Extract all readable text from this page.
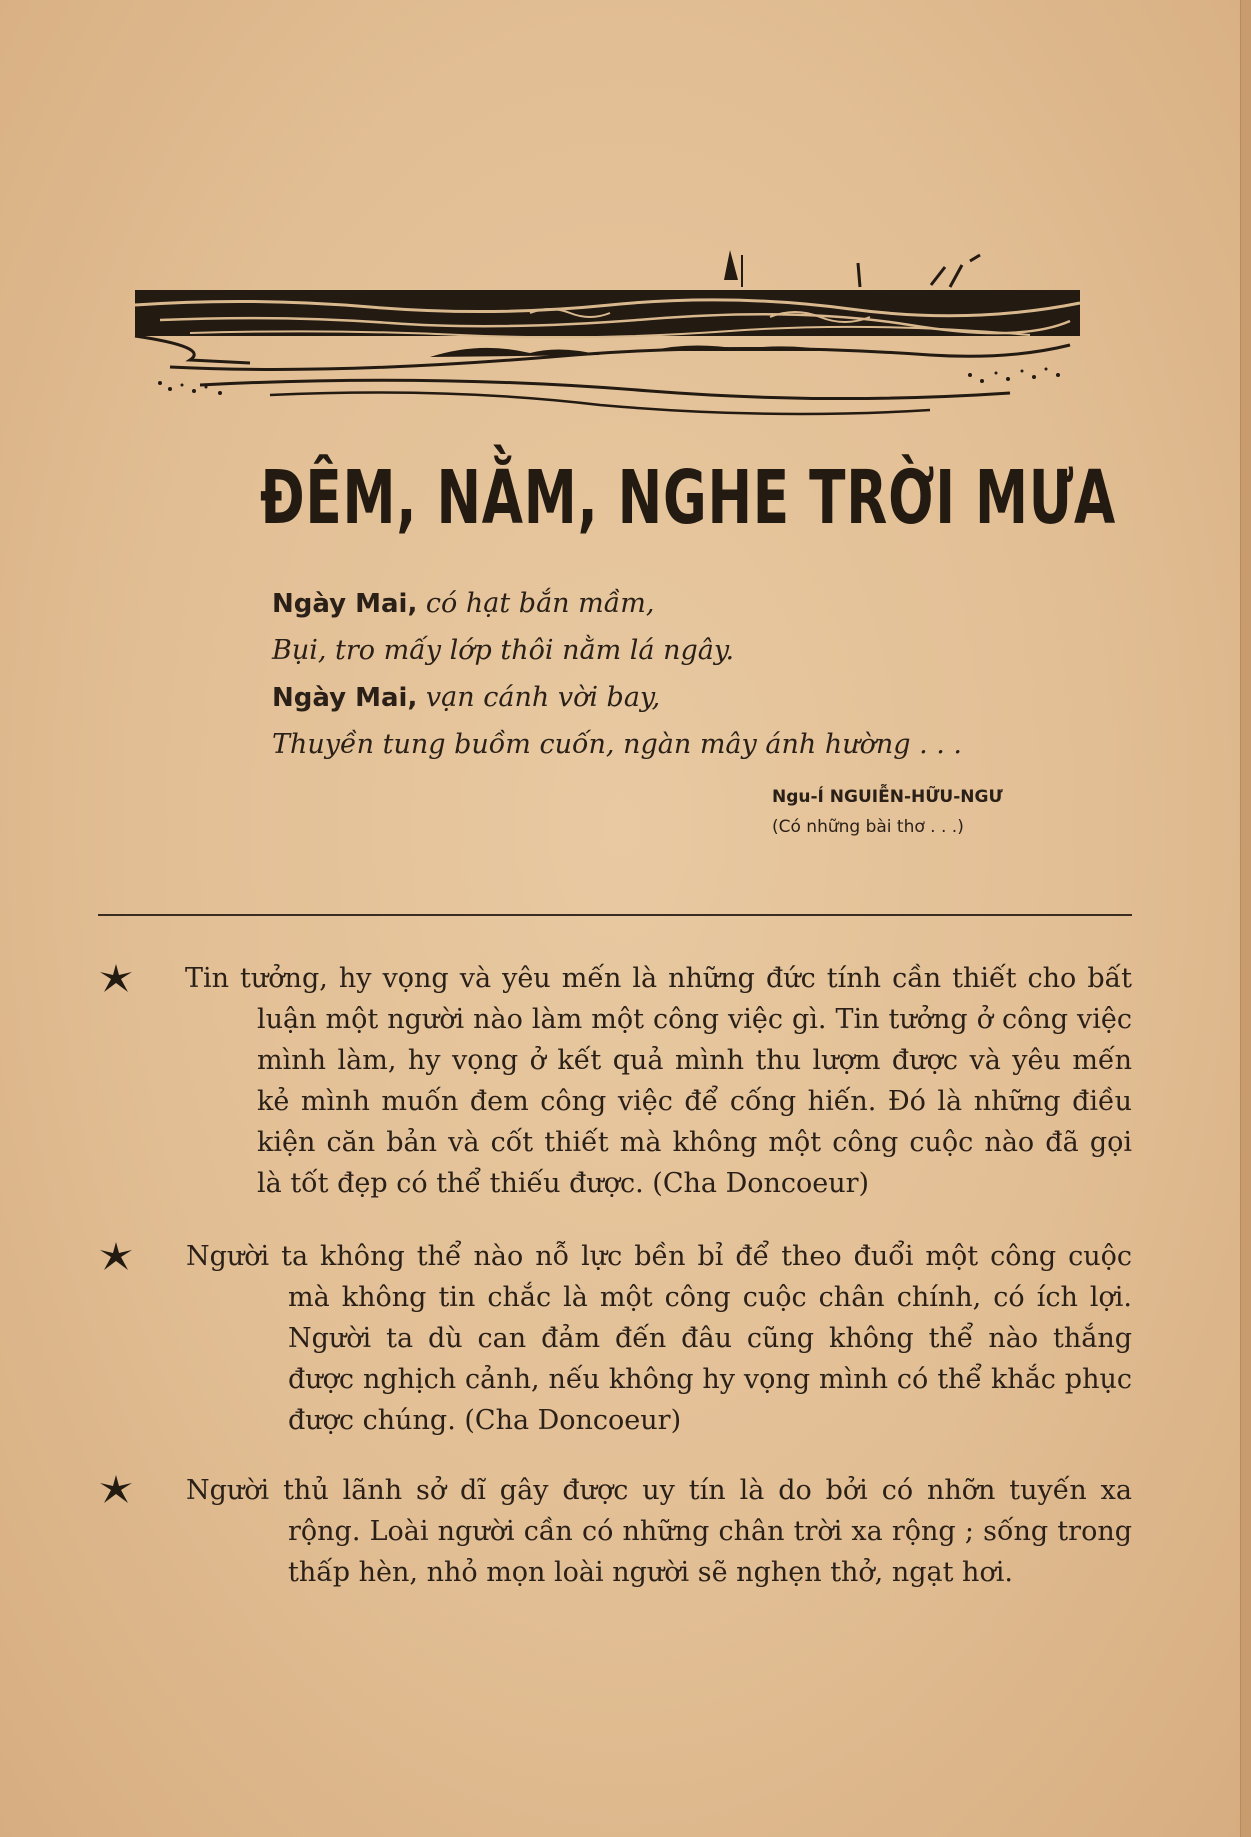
ĐÊM, NẰM, NGHE TRỜI MƯA
Ngày Mai, có hạt bắn mầm,
Bụi, tro mấy lớp thôi nằm lá ngây.
Ngày Mai, vạn cánh vời bay,
Thuyền tung buồm cuốn, ngàn mây ánh hường . . .
Ngu-Í NGUIỄN-HỮU-NGƯ
(Có những bài thơ . . .)
Tin tưởng, hy vọng và yêu mến là những đức tính cần thiết cho bất luận một người nào làm một công việc gì. Tin tưởng ở công việc mình làm, hy vọng ở kết quả mình thu lượm được và yêu mến kẻ mình muốn đem công việc để cống hiến. Đó là những điều kiện căn bản và cốt thiết mà không một công cuộc nào đã gọi là tốt đẹp có thể thiếu được. (Cha Doncoeur)
Người ta không thể nào nỗ lực bền bỉ để theo đuổi một công cuộc mà không tin chắc là một công cuộc chân chính, có ích lợi. Người ta dù can đảm đến đâu cũng không thể nào thắng được nghịch cảnh, nếu không hy vọng mình có thể khắc phục được chúng. (Cha Doncoeur)
Người thủ lãnh sở dĩ gây được uy tín là do bởi có nhỡn tuyến xa rộng. Loài người cần có những chân trời xa rộng ; sống trong thấp hèn, nhỏ mọn loài người sẽ nghẹn thở, ngạt hơi.
